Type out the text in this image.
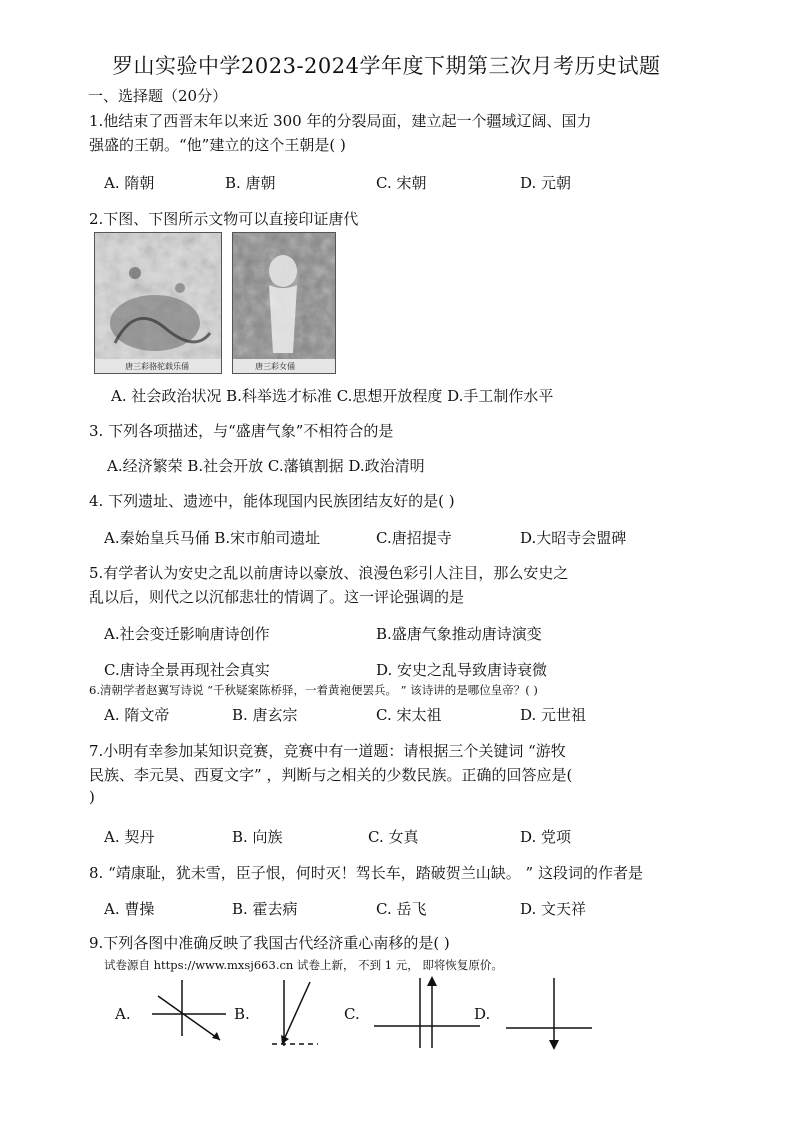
罗山实验中学2023-2024学年度下期第三次月考历史试题
一、选择题（20分）
1.他结束了西晋末年以来近 300 年的分裂局面，建立起一个疆域辽阔、国力
强盛的王朝。“他”建立的这个王朝是( )
A. 隋朝	B. 唐朝	C. 宋朝	D. 元朝
2.下图、下图所示文物可以直接印证唐代
唐三彩骆驼载乐俑	唐三彩女俑
A. 社会政治状况 B.科举选才标准 C.思想开放程度 D.手工制作水平
3. 下列各项描述，与“盛唐气象”不相符合的是
A.经济繁荣 B.社会开放 C.藩镇割据 D.政治清明
4. 下列遗址、遗迹中，能体现国内民族团结友好的是( )
A.秦始皇兵马俑 B.宋市舶司遗址	C.唐招提寺	D.大昭寺会盟碑
5.有学者认为安史之乱以前唐诗以豪放、浪漫色彩引人注目，那么安史之
乱以后，则代之以沉郁悲壮的情调了。这一评论强调的是
A.社会变迁影响唐诗创作	B.盛唐气象推动唐诗演变
C.唐诗全景再现社会真实	D. 安史之乱导致唐诗衰微
6.清朝学者赵翼写诗说 “千秋疑案陈桥驿，一着黄袍便罢兵。 ” 该诗讲的是哪位皇帝？( )
A. 隋文帝	B. 唐玄宗	C. 宋太祖	D. 元世祖
7.小明有幸参加某知识竞赛，竞赛中有一道题：请根据三个关键词 “游牧
民族、李元昊、西夏文字” ，判断与之相关的少数民族。正确的回答应是(
)
A. 契丹	B. 向族	C. 女真	D. 党项
8. “靖康耻，犹未雪，臣子恨，何时灭！驾长车，踏破贺兰山缺。 ” 这段词的作者是
A. 曹操	B. 霍去病	C. 岳飞	D. 文天祥
9.下列各图中准确反映了我国古代经济重心南移的是( )
试卷源自 https://www.mxsj663.cn 试卷上新， 不到 1 元， 即将恢复原价。
A.	B.	C.	D.
